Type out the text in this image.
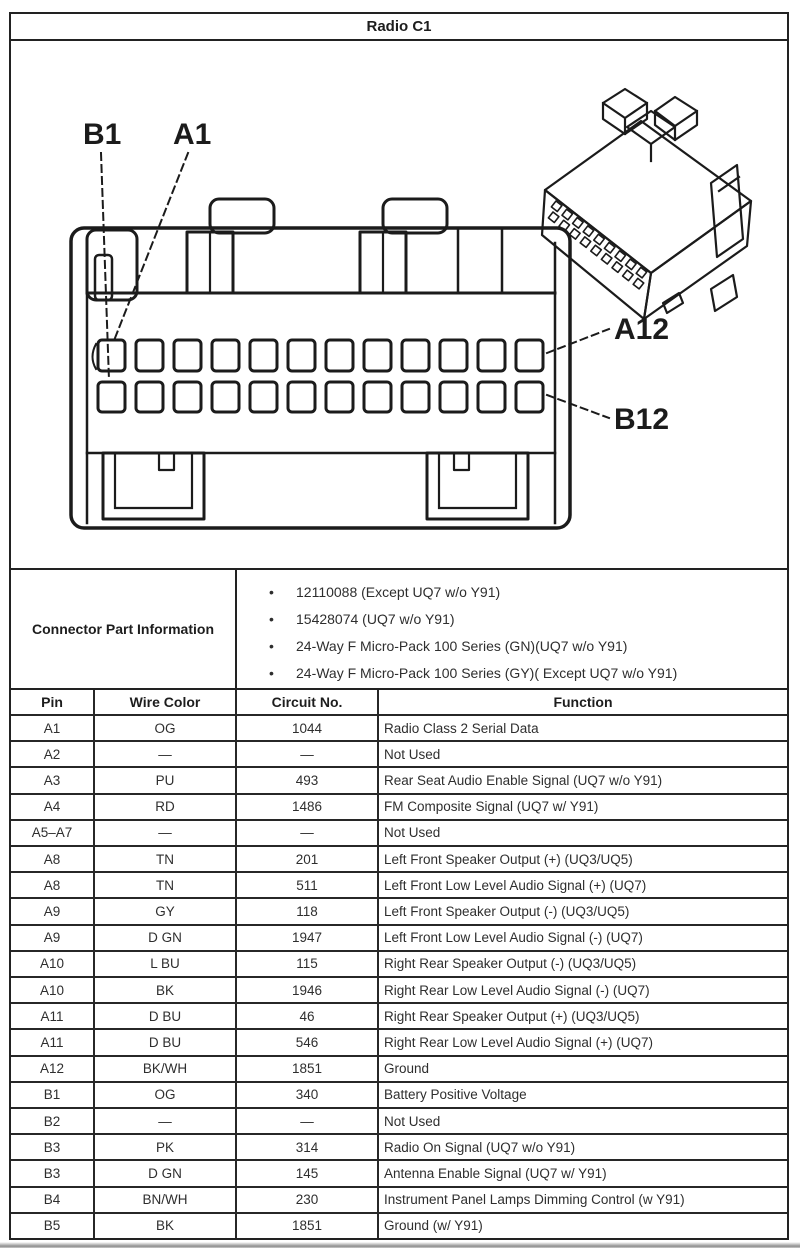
Radio C1
B1 A1
A12
B12
Connector Part Information
•	12110088 (Except UQ7 w/o Y91)
•	15428074 (UQ7 w/o Y91)
•	24-Way F Micro-Pack 100 Series (GN)(UQ7 w/o Y91)
•	24-Way F Micro-Pack 100 Series (GY)( Except UQ7 w/o Y91)
Pin	Wire Color	Circuit No.	Function
A1	OG	1044	Radio Class 2 Serial Data
A2	—	—	Not Used
A3	PU	493	Rear Seat Audio Enable Signal (UQ7 w/o Y91)
A4	RD	1486	FM Composite Signal (UQ7 w/ Y91)
A5–A7	—	—	Not Used
A8	TN	201	Left Front Speaker Output (+) (UQ3/UQ5)
A8	TN	511	Left Front Low Level Audio Signal (+) (UQ7)
A9	GY	118	Left Front Speaker Output (-) (UQ3/UQ5)
A9	D GN	1947	Left Front Low Level Audio Signal (-) (UQ7)
A10	L BU	115	Right Rear Speaker Output (-) (UQ3/UQ5)
A10	BK	1946	Right Rear Low Level Audio Signal (-) (UQ7)
A11	D BU	46	Right Rear Speaker Output (+) (UQ3/UQ5)
A11	D BU	546	Right Rear Low Level Audio Signal (+) (UQ7)
A12	BK/WH	1851	Ground
B1	OG	340	Battery Positive Voltage
B2	—	—	Not Used
B3	PK	314	Radio On Signal (UQ7 w/o Y91)
B3	D GN	145	Antenna Enable Signal (UQ7 w/ Y91)
B4	BN/WH	230	Instrument Panel Lamps Dimming Control (w Y91)
B5	BK	1851	Ground (w/ Y91)
